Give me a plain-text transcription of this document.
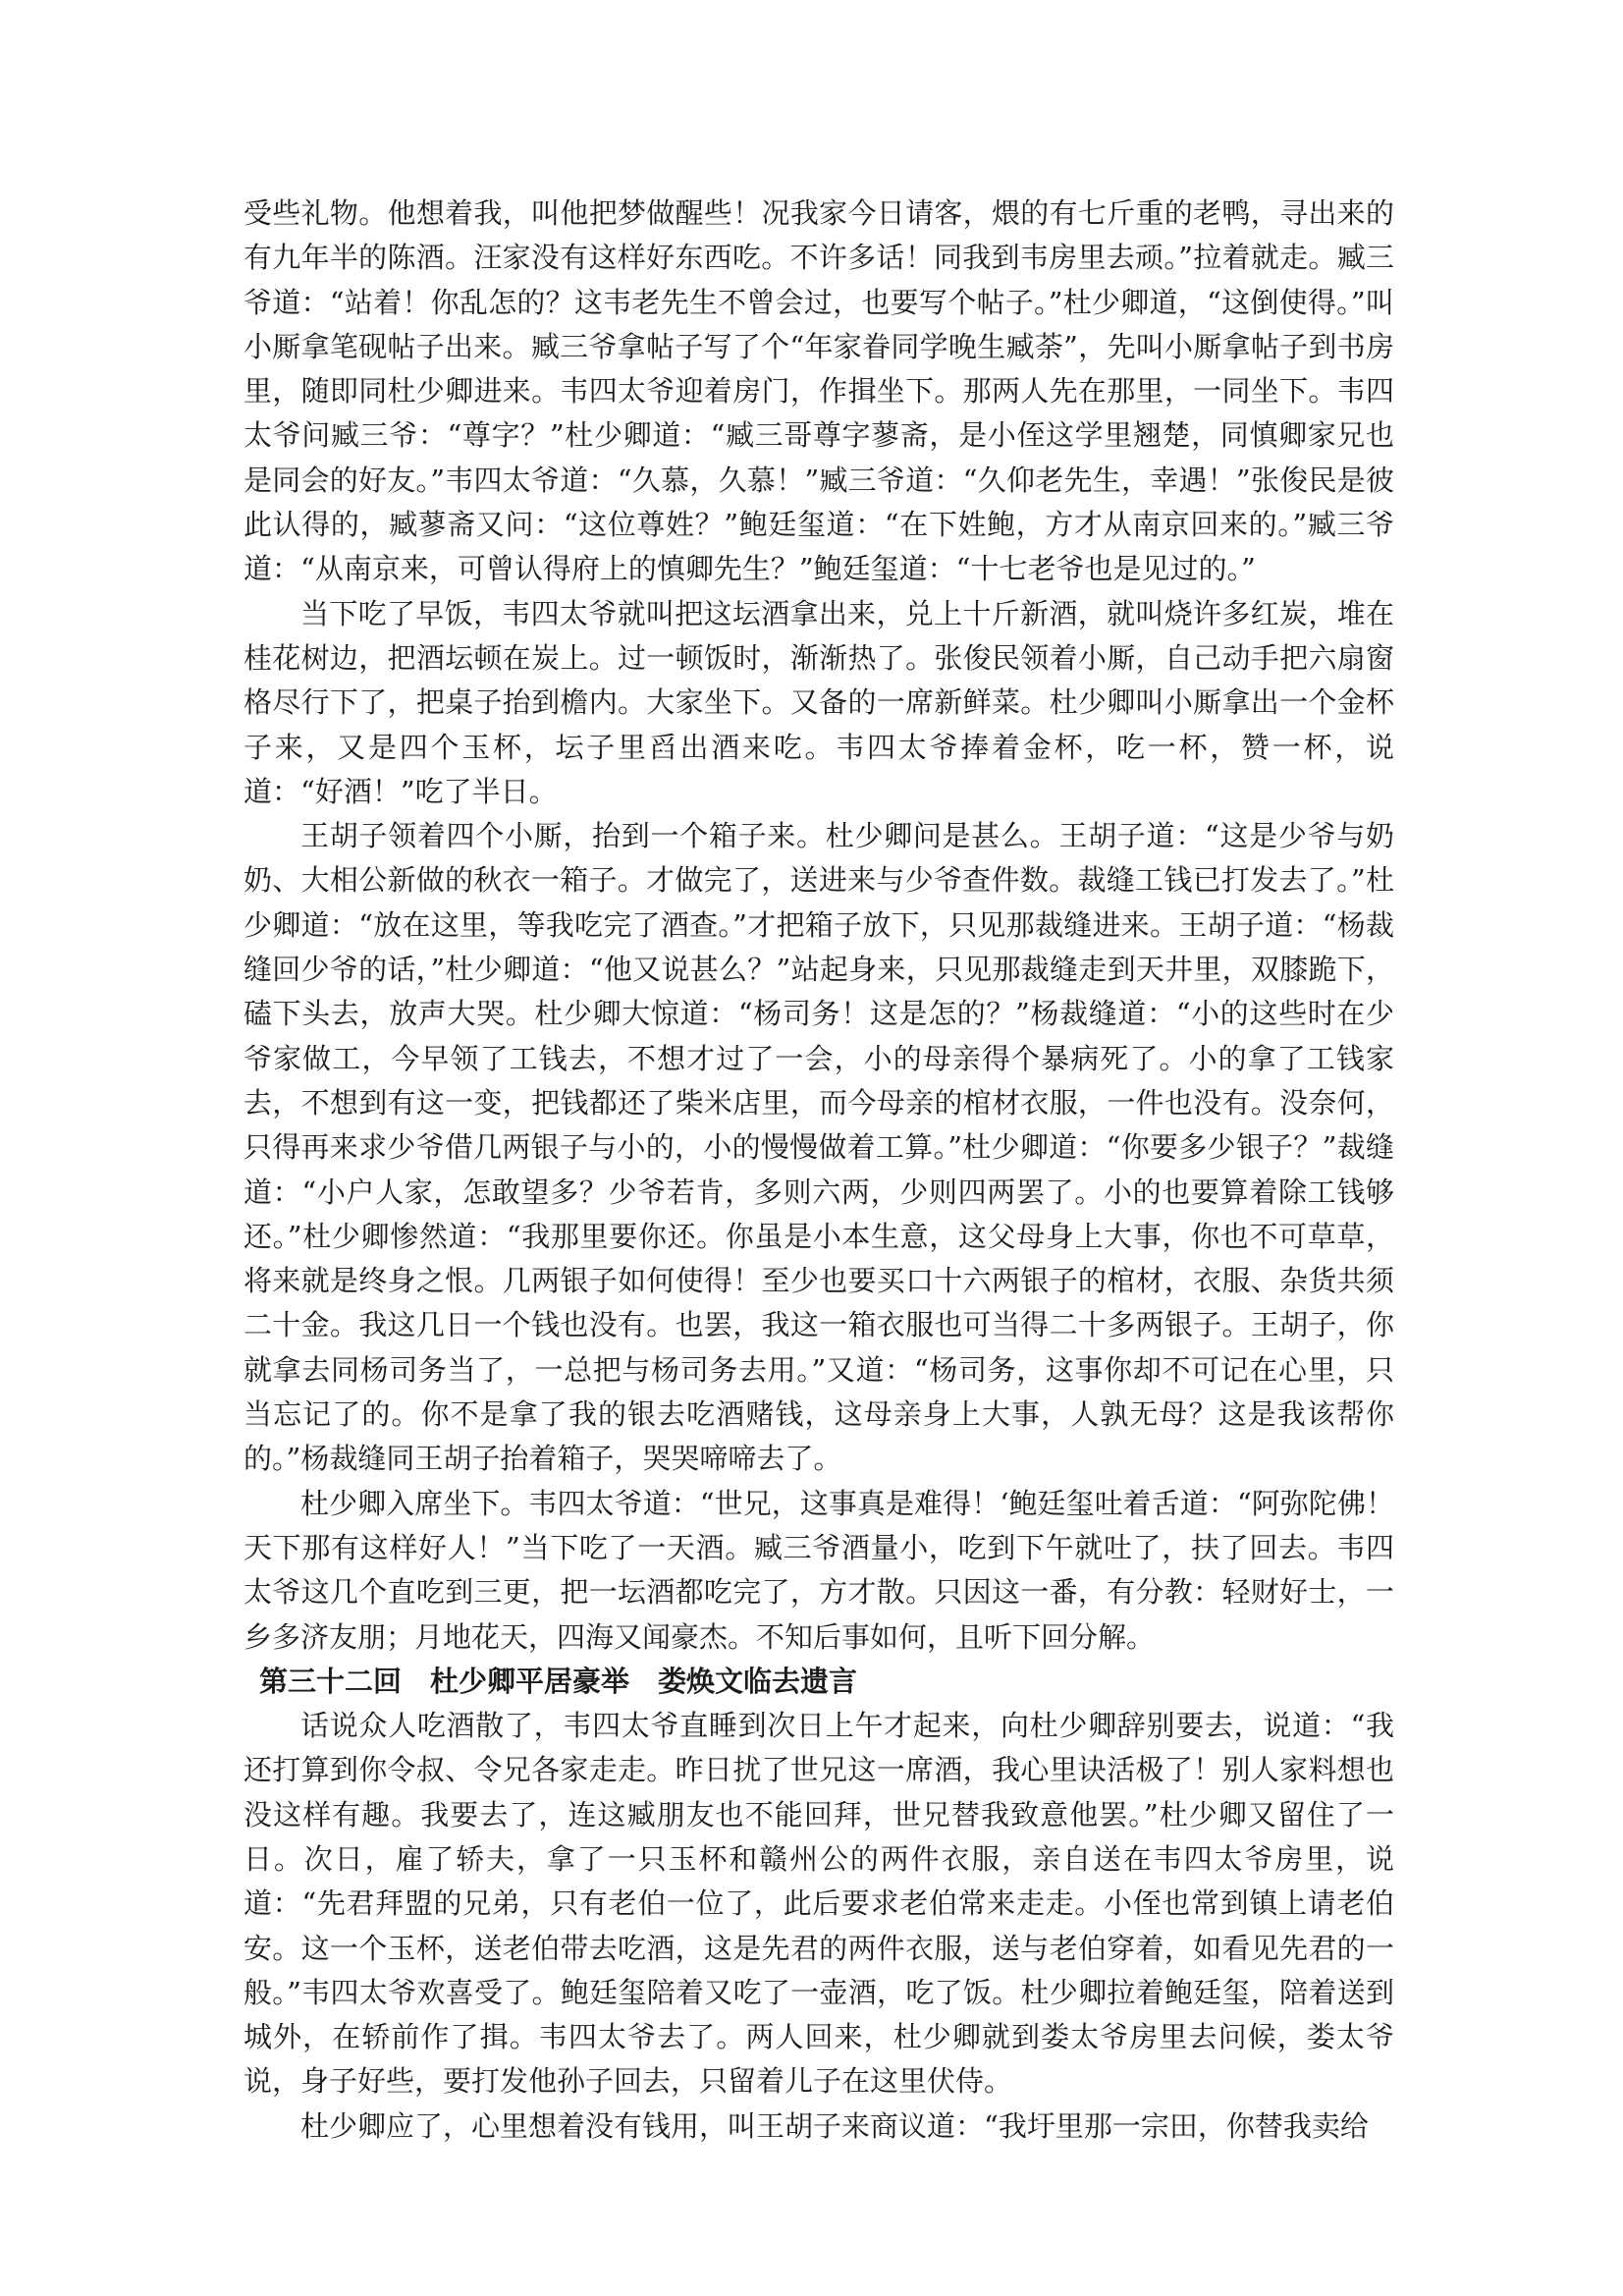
受些礼物。他想着我，叫他把梦做醒些！况我家今日请客，煨的有七斤重的老鸭，寻出来的有九年半的陈酒。汪家没有这样好东西吃。不许多话！同我到韦房里去顽。”拉着就走。臧三爷道：“站着！你乱怎的？这韦老先生不曾会过，也要写个帖子。”杜少卿道，“这倒使得。”叫小厮拿笔砚帖子出来。臧三爷拿帖子写了个“年家眷同学晚生臧荼”，先叫小厮拿帖子到书房里，随即同杜少卿进来。韦四太爷迎着房门，作揖坐下。那两人先在那里，一同坐下。韦四太爷问臧三爷：“尊字？”杜少卿道：“臧三哥尊字蓼斋，是小侄这学里翘楚，同慎卿家兄也是同会的好友。”韦四太爷道：“久慕，久慕！”臧三爷道：“久仰老先生，幸遇！”张俊民是彼此认得的，臧蓼斋又问：“这位尊姓？”鲍廷玺道：“在下姓鲍，方才从南京回来的。”臧三爷道：“从南京来，可曾认得府上的慎卿先生？”鲍廷玺道：“十七老爷也是见过的。”

当下吃了早饭，韦四太爷就叫把这坛酒拿出来，兑上十斤新酒，就叫烧许多红炭，堆在桂花树边，把酒坛顿在炭上。过一顿饭时，渐渐热了。张俊民领着小厮，自己动手把六扇窗格尽行下了，把桌子抬到檐内。大家坐下。又备的一席新鲜菜。杜少卿叫小厮拿出一个金杯子来，又是四个玉杯，坛子里舀出酒来吃。韦四太爷捧着金杯，吃一杯，赞一杯，说道：“好酒！”吃了半日。

王胡子领着四个小厮，抬到一个箱子来。杜少卿问是甚么。王胡子道：“这是少爷与奶奶、大相公新做的秋衣一箱子。才做完了，送进来与少爷查件数。裁缝工钱已打发去了。”杜少卿道：“放在这里，等我吃完了酒查。”才把箱子放下，只见那裁缝进来。王胡子道：“杨裁缝回少爷的话，”杜少卿道：“他又说甚么？”站起身来，只见那裁缝走到天井里，双膝跪下，磕下头去，放声大哭。杜少卿大惊道：“杨司务！这是怎的？”杨裁缝道：“小的这些时在少爷家做工，今早领了工钱去，不想才过了一会，小的母亲得个暴病死了。小的拿了工钱家去，不想到有这一变，把钱都还了柴米店里，而今母亲的棺材衣服，一件也没有。没奈何，只得再来求少爷借几两银子与小的，小的慢慢做着工算。”杜少卿道：“你要多少银子？”裁缝道：“小户人家，怎敢望多？少爷若肯，多则六两，少则四两罢了。小的也要算着除工钱够还。”杜少卿惨然道：“我那里要你还。你虽是小本生意，这父母身上大事，你也不可草草，将来就是终身之恨。几两银子如何使得！至少也要买口十六两银子的棺材，衣服、杂货共须二十金。我这几日一个钱也没有。也罢，我这一箱衣服也可当得二十多两银子。王胡子，你就拿去同杨司务当了，一总把与杨司务去用。”又道：“杨司务，这事你却不可记在心里，只当忘记了的。你不是拿了我的银去吃酒赌钱，这母亲身上大事，人孰无母？这是我该帮你的。”杨裁缝同王胡子抬着箱子，哭哭啼啼去了。

杜少卿入席坐下。韦四太爷道：“世兄，这事真是难得！‘鲍廷玺吐着舌道：“阿弥陀佛！天下那有这样好人！”当下吃了一天酒。臧三爷酒量小，吃到下午就吐了，扶了回去。韦四太爷这几个直吃到三更，把一坛酒都吃完了，方才散。只因这一番，有分教：轻财好士，一乡多济友朋；月地花天，四海又闻豪杰。不知后事如何，且听下回分解。

第三十二回　杜少卿平居豪举　娄焕文临去遗言

话说众人吃酒散了，韦四太爷直睡到次日上午才起来，向杜少卿辞别要去，说道：“我还打算到你令叔、令兄各家走走。昨日扰了世兄这一席酒，我心里诀活极了！别人家料想也没这样有趣。我要去了，连这臧朋友也不能回拜，世兄替我致意他罢。”杜少卿又留住了一日。次日，雇了轿夫，拿了一只玉杯和赣州公的两件衣服，亲自送在韦四太爷房里，说道：“先君拜盟的兄弟，只有老伯一位了，此后要求老伯常来走走。小侄也常到镇上请老伯安。这一个玉杯，送老伯带去吃酒，这是先君的两件衣服，送与老伯穿着，如看见先君的一般。”韦四太爷欢喜受了。鲍廷玺陪着又吃了一壶酒，吃了饭。杜少卿拉着鲍廷玺，陪着送到城外，在轿前作了揖。韦四太爷去了。两人回来，杜少卿就到娄太爷房里去问候，娄太爷说，身子好些，要打发他孙子回去，只留着儿子在这里伏侍。

杜少卿应了，心里想着没有钱用，叫王胡子来商议道：“我圩里那一宗田，你替我卖给
